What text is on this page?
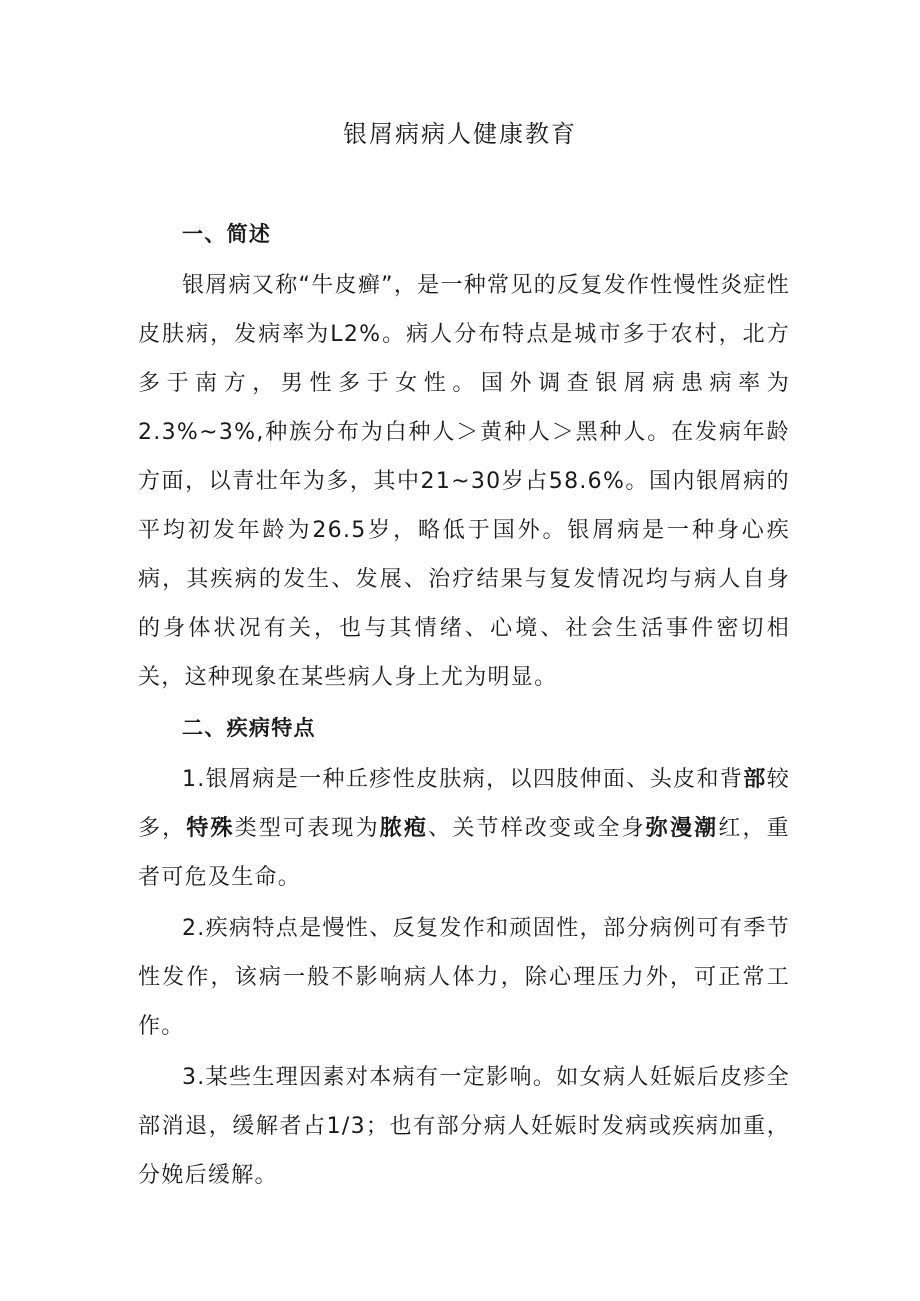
银屑病病人健康教育

一、简述

银屑病又称“牛皮癣”，是一种常见的反复发作性慢性炎症性皮肤病，发病率为L2%。病人分布特点是城市多于农村，北方多于南方，男性多于女性。国外调查银屑病患病率为2.3%~3%,种族分布为白种人＞黄种人＞黑种人。在发病年龄方面，以青壮年为多，其中21~30岁占58.6%。国内银屑病的平均初发年龄为26.5岁，略低于国外。银屑病是一种身心疾病，其疾病的发生、发展、治疗结果与复发情况均与病人自身的身体状况有关，也与其情绪、心境、社会生活事件密切相关，这种现象在某些病人身上尤为明显。

二、疾病特点

1.银屑病是一种丘疹性皮肤病，以四肢伸面、头皮和背部较多，特殊类型可表现为脓疱、关节样改变或全身弥漫潮红，重者可危及生命。

2.疾病特点是慢性、反复发作和顽固性，部分病例可有季节性发作，该病一般不影响病人体力，除心理压力外，可正常工作。

3.某些生理因素对本病有一定影响。如女病人妊娠后皮疹全部消退，缓解者占1/3；也有部分病人妊娠时发病或疾病加重，分娩后缓解。
